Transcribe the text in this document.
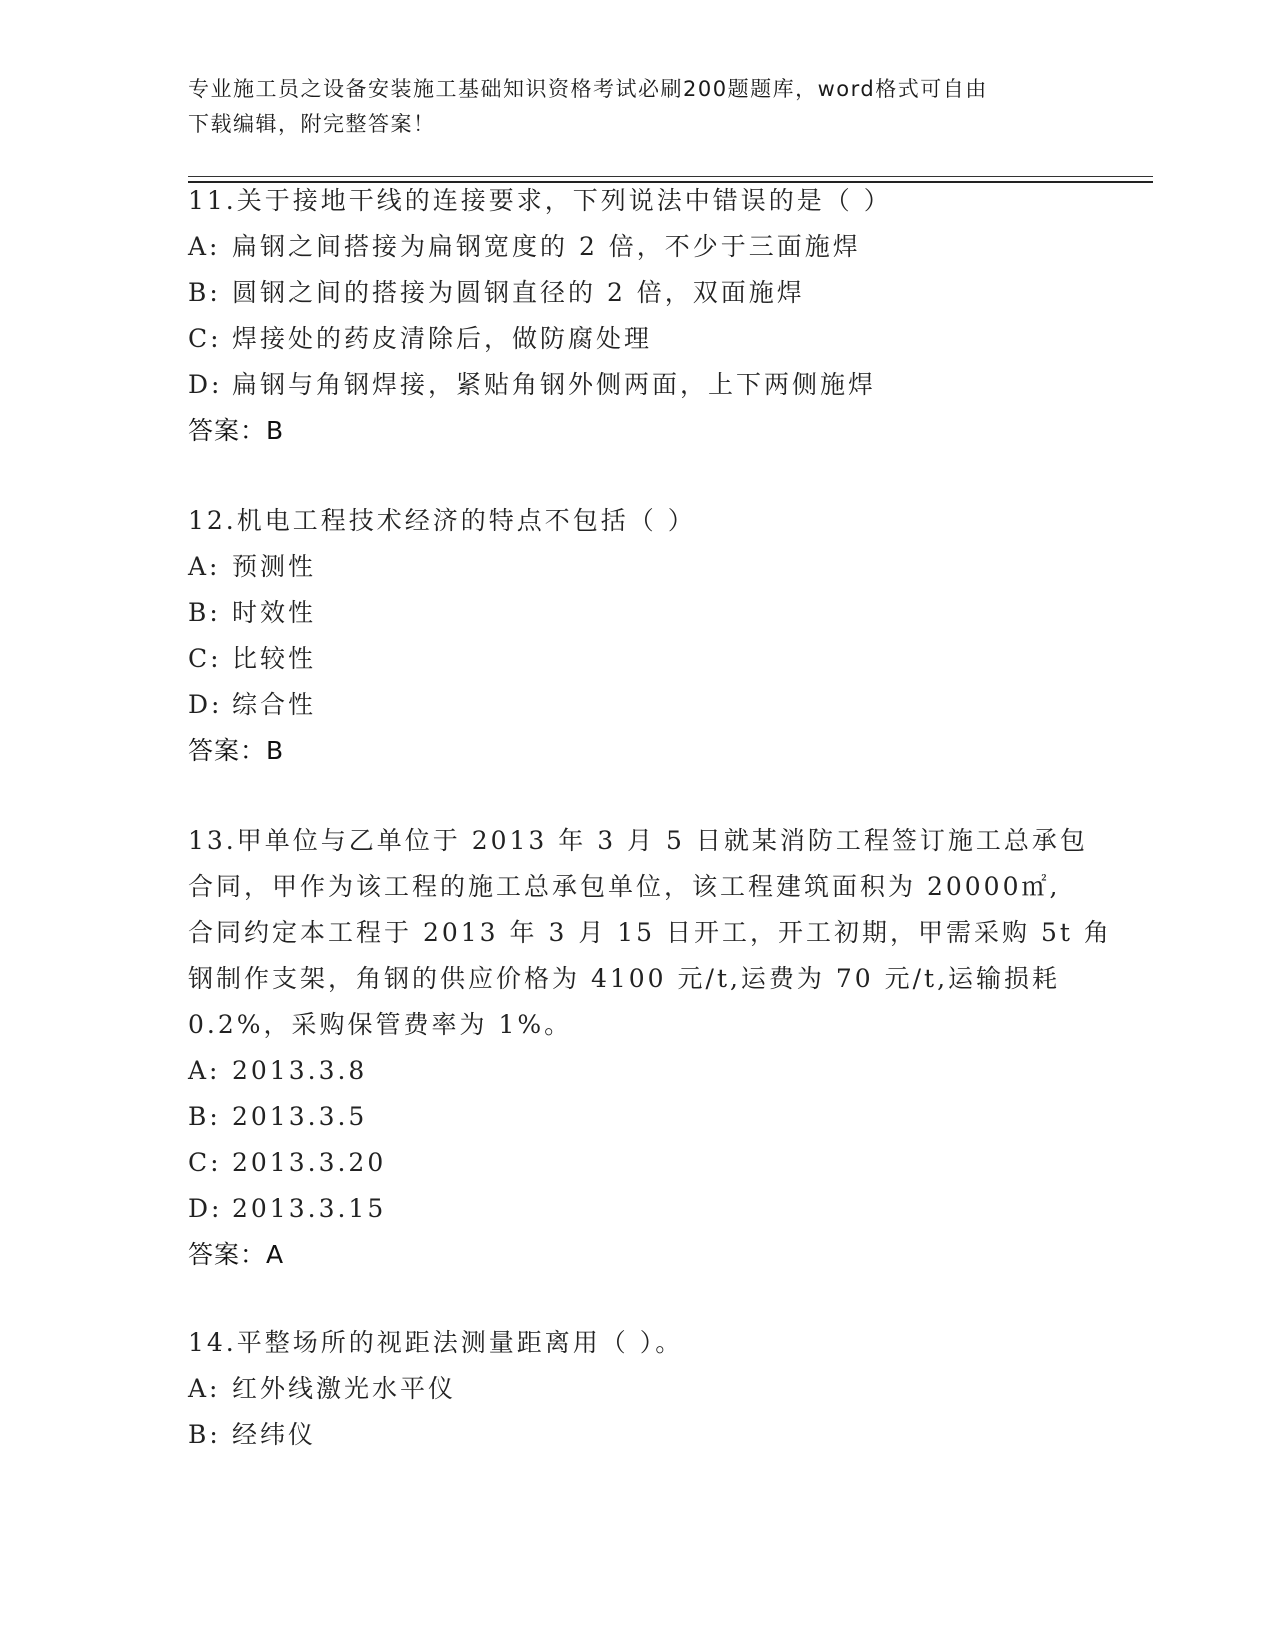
专业施工员之设备安装施工基础知识资格考试必刷200题题库，word格式可自由
下载编辑，附完整答案！
11.关于接地干线的连接要求，下列说法中错误的是（ ）
A: 扁钢之间搭接为扁钢宽度的 2 倍，不少于三面施焊
B: 圆钢之间的搭接为圆钢直径的 2 倍，双面施焊
C: 焊接处的药皮清除后，做防腐处理
D: 扁钢与角钢焊接，紧贴角钢外侧两面，上下两侧施焊
答案：B
12.机电工程技术经济的特点不包括（ ）
A: 预测性
B: 时效性
C: 比较性
D: 综合性
答案：B
13.甲单位与乙单位于 2013 年 3 月 5 日就某消防工程签订施工总承包
合同，甲作为该工程的施工总承包单位，该工程建筑面积为 20000㎡,
合同约定本工程于 2013 年 3 月 15 日开工，开工初期，甲需采购 5t 角
钢制作支架，角钢的供应价格为 4100 元/t,运费为 70 元/t,运输损耗
0.2%，采购保管费率为 1%。
A: 2013.3.8
B: 2013.3.5
C: 2013.3.20
D: 2013.3.15
答案：A
14.平整场所的视距法测量距离用（ ）。
A: 红外线激光水平仪
B: 经纬仪
